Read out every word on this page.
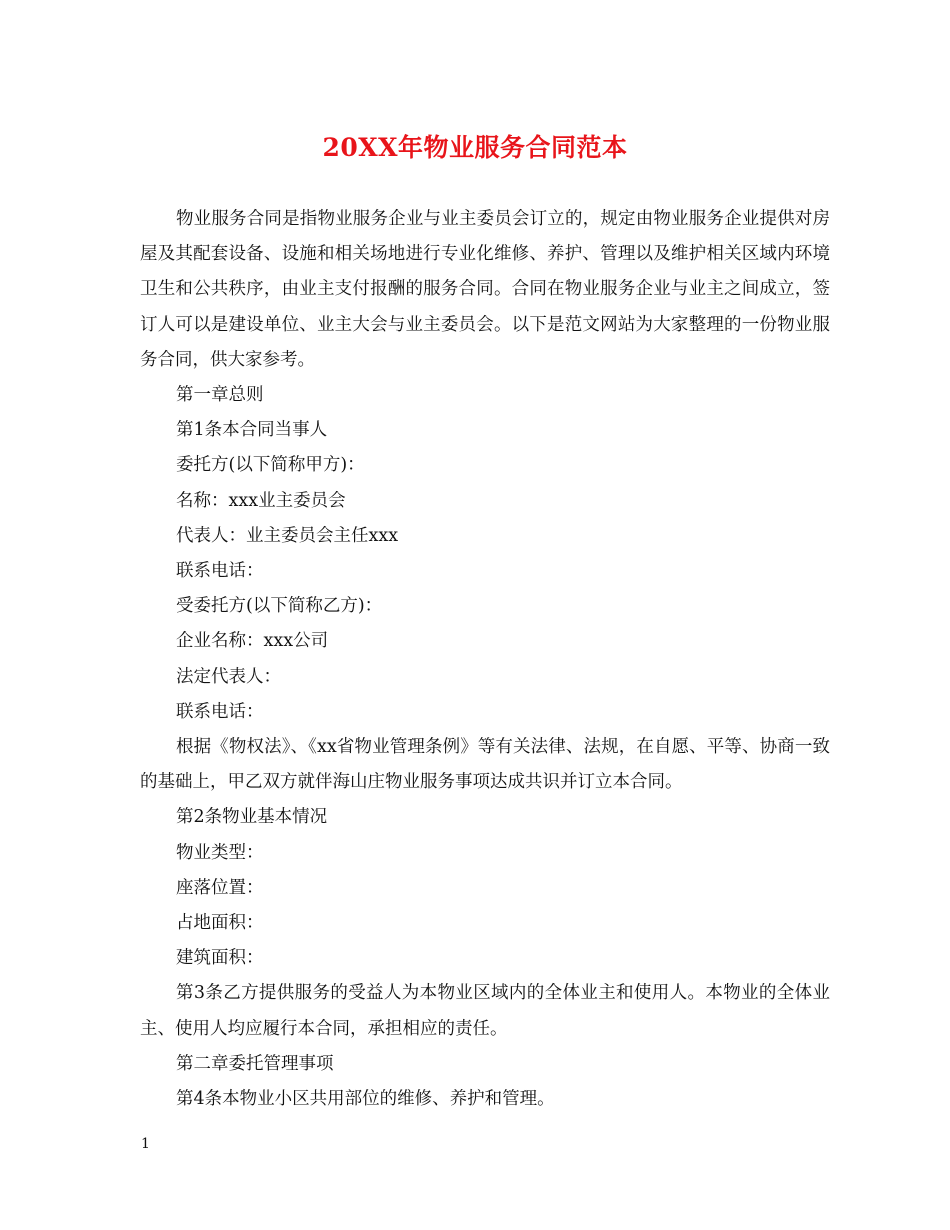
20XX年物业服务合同范本

物业服务合同是指物业服务企业与业主委员会订立的，规定由物业服务企业提供对房屋及其配套设备、设施和相关场地进行专业化维修、养护、管理以及维护相关区域内环境卫生和公共秩序，由业主支付报酬的服务合同。合同在物业服务企业与业主之间成立，签订人可以是建设单位、业主大会与业主委员会。以下是范文网站为大家整理的一份物业服务合同，供大家参考。

第一章总则

第1条本合同当事人

委托方(以下简称甲方)：

名称：xxx业主委员会

代表人：业主委员会主任xxx

联系电话：

受委托方(以下简称乙方)：

企业名称：xxx公司

法定代表人：

联系电话：

根据《物权法》、《xx省物业管理条例》等有关法律、法规，在自愿、平等、协商一致的基础上，甲乙双方就伴海山庄物业服务事项达成共识并订立本合同。

第2条物业基本情况

物业类型：

座落位置：

占地面积：

建筑面积：

第3条乙方提供服务的受益人为本物业区域内的全体业主和使用人。本物业的全体业主、使用人均应履行本合同，承担相应的责任。

第二章委托管理事项

第4条本物业小区共用部位的维修、养护和管理。

1
